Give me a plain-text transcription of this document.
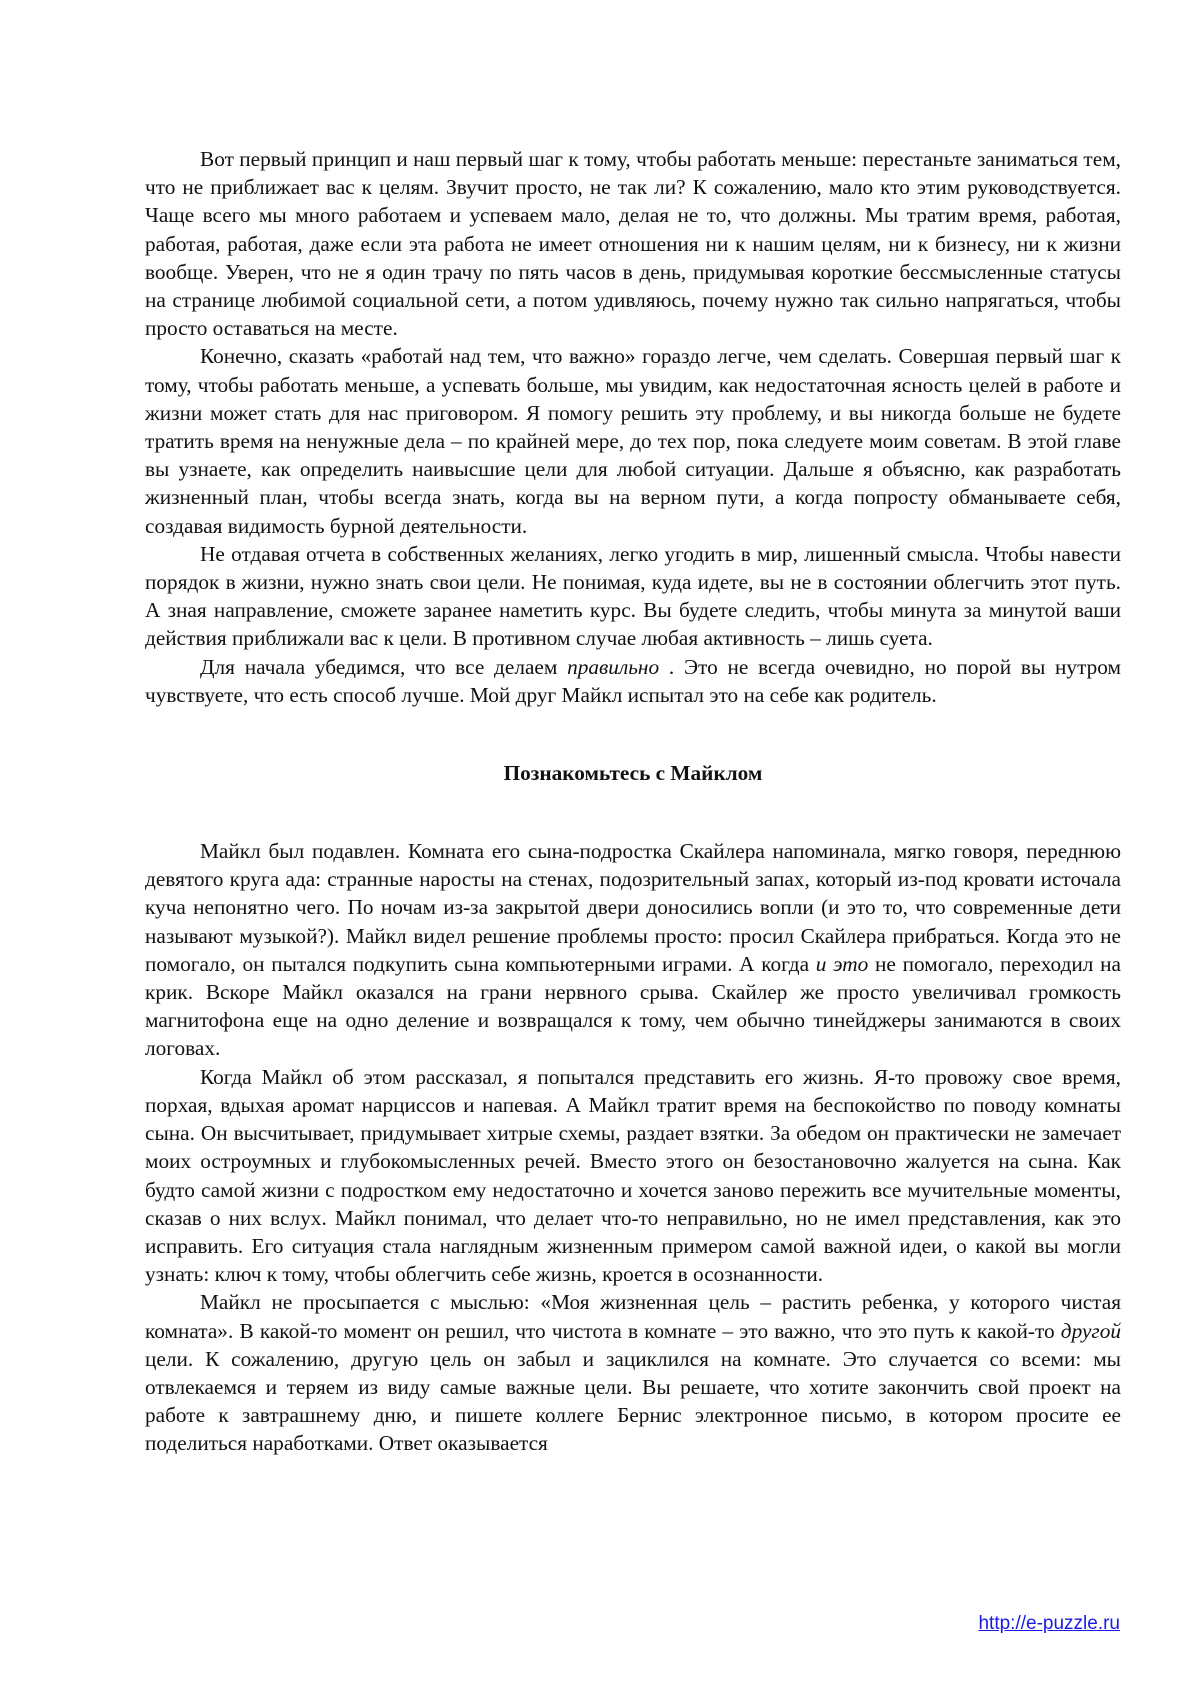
Вот первый принцип и наш первый шаг к тому, чтобы работать меньше: перестаньте заниматься тем, что не приближает вас к целям. Звучит просто, не так ли? К сожалению, мало кто этим руководствуется. Чаще всего мы много работаем и успеваем мало, делая не то, что должны. Мы тратим время, работая, работая, работая, даже если эта работа не имеет отношения ни к нашим целям, ни к бизнесу, ни к жизни вообще. Уверен, что не я один трачу по пять часов в день, придумывая короткие бессмысленные статусы на странице любимой социальной сети, а потом удивляюсь, почему нужно так сильно напрягаться, чтобы просто оставаться на месте.

Конечно, сказать «работай над тем, что важно» гораздо легче, чем сделать. Совершая первый шаг к тому, чтобы работать меньше, а успевать больше, мы увидим, как недостаточная ясность целей в работе и жизни может стать для нас приговором. Я помогу решить эту проблему, и вы никогда больше не будете тратить время на ненужные дела – по крайней мере, до тех пор, пока следуете моим советам. В этой главе вы узнаете, как определить наивысшие цели для любой ситуации. Дальше я объясню, как разработать жизненный план, чтобы всегда знать, когда вы на верном пути, а когда попросту обманываете себя, создавая видимость бурной деятельности.

Не отдавая отчета в собственных желаниях, легко угодить в мир, лишенный смысла. Чтобы навести порядок в жизни, нужно знать свои цели. Не понимая, куда идете, вы не в состоянии облегчить этот путь. А зная направление, сможете заранее наметить курс. Вы будете следить, чтобы минута за минутой ваши действия приближали вас к цели. В противном случае любая активность – лишь суета.

Для начала убедимся, что все делаем правильно . Это не всегда очевидно, но порой вы нутром чувствуете, что есть способ лучше. Мой друг Майкл испытал это на себе как родитель.

Познакомьтесь с Майклом

Майкл был подавлен. Комната его сына-подростка Скайлера напоминала, мягко говоря, переднюю девятого круга ада: странные наросты на стенах, подозрительный запах, который из-под кровати источала куча непонятно чего. По ночам из-за закрытой двери доносились вопли (и это то, что современные дети называют музыкой?). Майкл видел решение проблемы просто: просил Скайлера прибраться. Когда это не помогало, он пытался подкупить сына компьютерными играми. А когда и это не помогало, переходил на крик. Вскоре Майкл оказался на грани нервного срыва. Скайлер же просто увеличивал громкость магнитофона еще на одно деление и возвращался к тому, чем обычно тинейджеры занимаются в своих логовах.

Когда Майкл об этом рассказал, я попытался представить его жизнь. Я-то провожу свое время, порхая, вдыхая аромат нарциссов и напевая. А Майкл тратит время на беспокойство по поводу комнаты сына. Он высчитывает, придумывает хитрые схемы, раздает взятки. За обедом он практически не замечает моих остроумных и глубокомысленных речей. Вместо этого он безостановочно жалуется на сына. Как будто самой жизни с подростком ему недостаточно и хочется заново пережить все мучительные моменты, сказав о них вслух. Майкл понимал, что делает что-то неправильно, но не имел представления, как это исправить. Его ситуация стала наглядным жизненным примером самой важной идеи, о какой вы могли узнать: ключ к тому, чтобы облегчить себе жизнь, кроется в осознанности.

Майкл не просыпается с мыслью: «Моя жизненная цель – растить ребенка, у которого чистая комната». В какой-то момент он решил, что чистота в комнате – это важно, что это путь к какой-то другой цели. К сожалению, другую цель он забыл и зациклился на комнате. Это случается со всеми: мы отвлекаемся и теряем из виду самые важные цели. Вы решаете, что хотите закончить свой проект на работе к завтрашнему дню, и пишете коллеге Бернис электронное письмо, в котором просите ее поделиться наработками. Ответ оказывается

http://e-puzzle.ru
